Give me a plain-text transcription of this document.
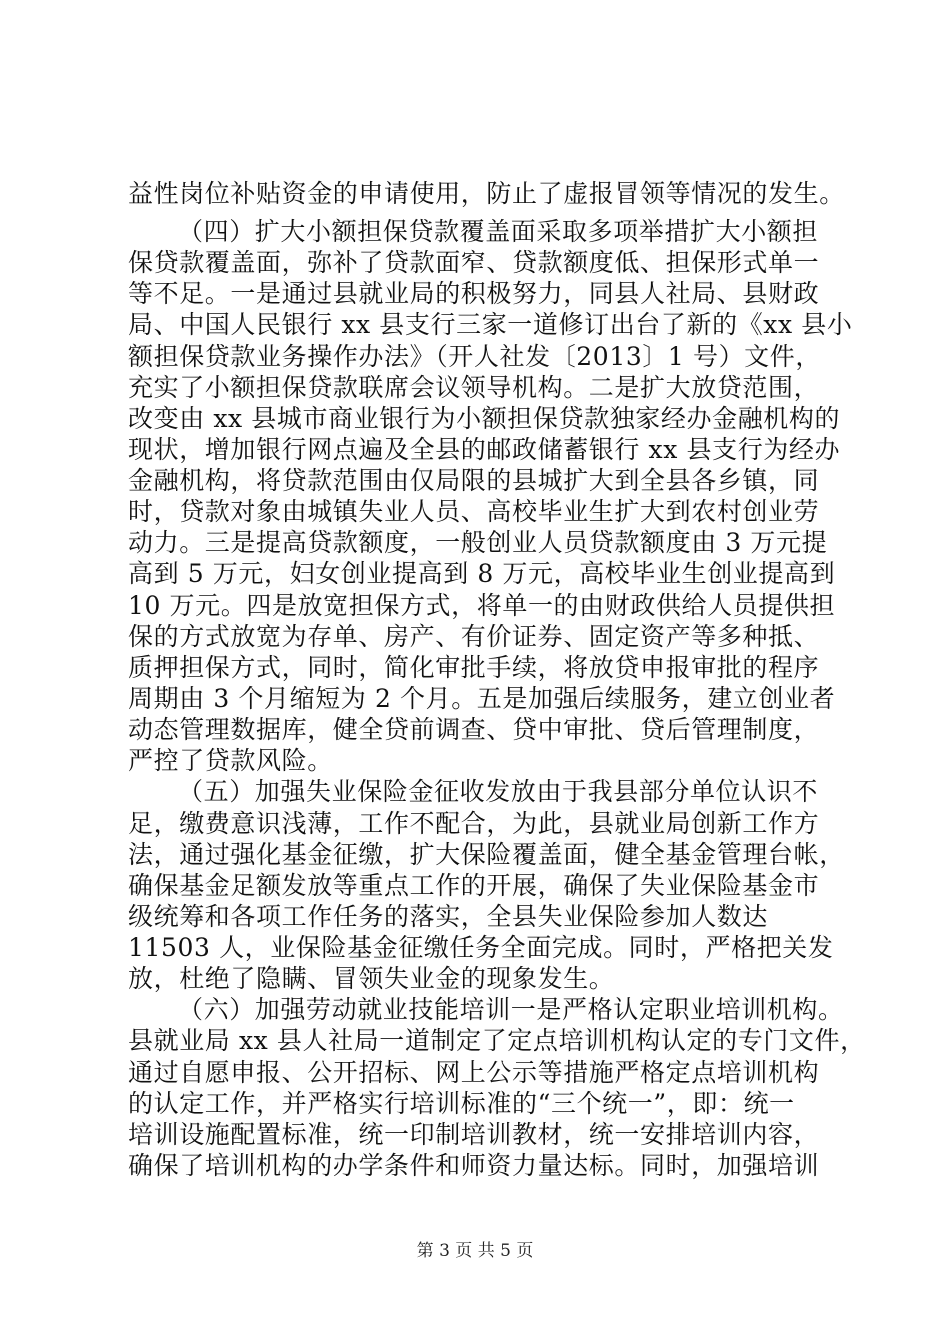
益性岗位补贴资金的申请使用，防止了虚报冒领等情况的发生。
（四）扩大小额担保贷款覆盖面采取多项举措扩大小额担
保贷款覆盖面，弥补了贷款面窄、贷款额度低、担保形式单一
等不足。一是通过县就业局的积极努力，同县人社局、县财政
局、中国人民银行 xx 县支行三家一道修订出台了新的《xx 县小
额担保贷款业务操作办法》（开人社发〔2013〕1 号）文件，
充实了小额担保贷款联席会议领导机构。二是扩大放贷范围，
改变由 xx 县城市商业银行为小额担保贷款独家经办金融机构的
现状，增加银行网点遍及全县的邮政储蓄银行 xx 县支行为经办
金融机构，将贷款范围由仅局限的县城扩大到全县各乡镇，同
时，贷款对象由城镇失业人员、高校毕业生扩大到农村创业劳
动力。三是提高贷款额度，一般创业人员贷款额度由 3 万元提
高到 5 万元，妇女创业提高到 8 万元，高校毕业生创业提高到
10 万元。四是放宽担保方式，将单一的由财政供给人员提供担
保的方式放宽为存单、房产、有价证券、固定资产等多种抵、
质押担保方式，同时，简化审批手续，将放贷申报审批的程序
周期由 3 个月缩短为 2 个月。五是加强后续服务，建立创业者
动态管理数据库，健全贷前调查、贷中审批、贷后管理制度，
严控了贷款风险。
（五）加强失业保险金征收发放由于我县部分单位认识不
足，缴费意识浅薄，工作不配合，为此，县就业局创新工作方
法，通过强化基金征缴，扩大保险覆盖面，健全基金管理台帐，
确保基金足额发放等重点工作的开展，确保了失业保险基金市
级统筹和各项工作任务的落实，全县失业保险参加人数达
11503 人，业保险基金征缴任务全面完成。同时，严格把关发
放，杜绝了隐瞒、冒领失业金的现象发生。
（六）加强劳动就业技能培训一是严格认定职业培训机构。
县就业局 xx 县人社局一道制定了定点培训机构认定的专门文件，
通过自愿申报、公开招标、网上公示等措施严格定点培训机构
的认定工作，并严格实行培训标准的“三个统一”，即：统一
培训设施配置标准，统一印制培训教材，统一安排培训内容，
确保了培训机构的办学条件和师资力量达标。同时，加强培训
第 3 页 共 5 页
